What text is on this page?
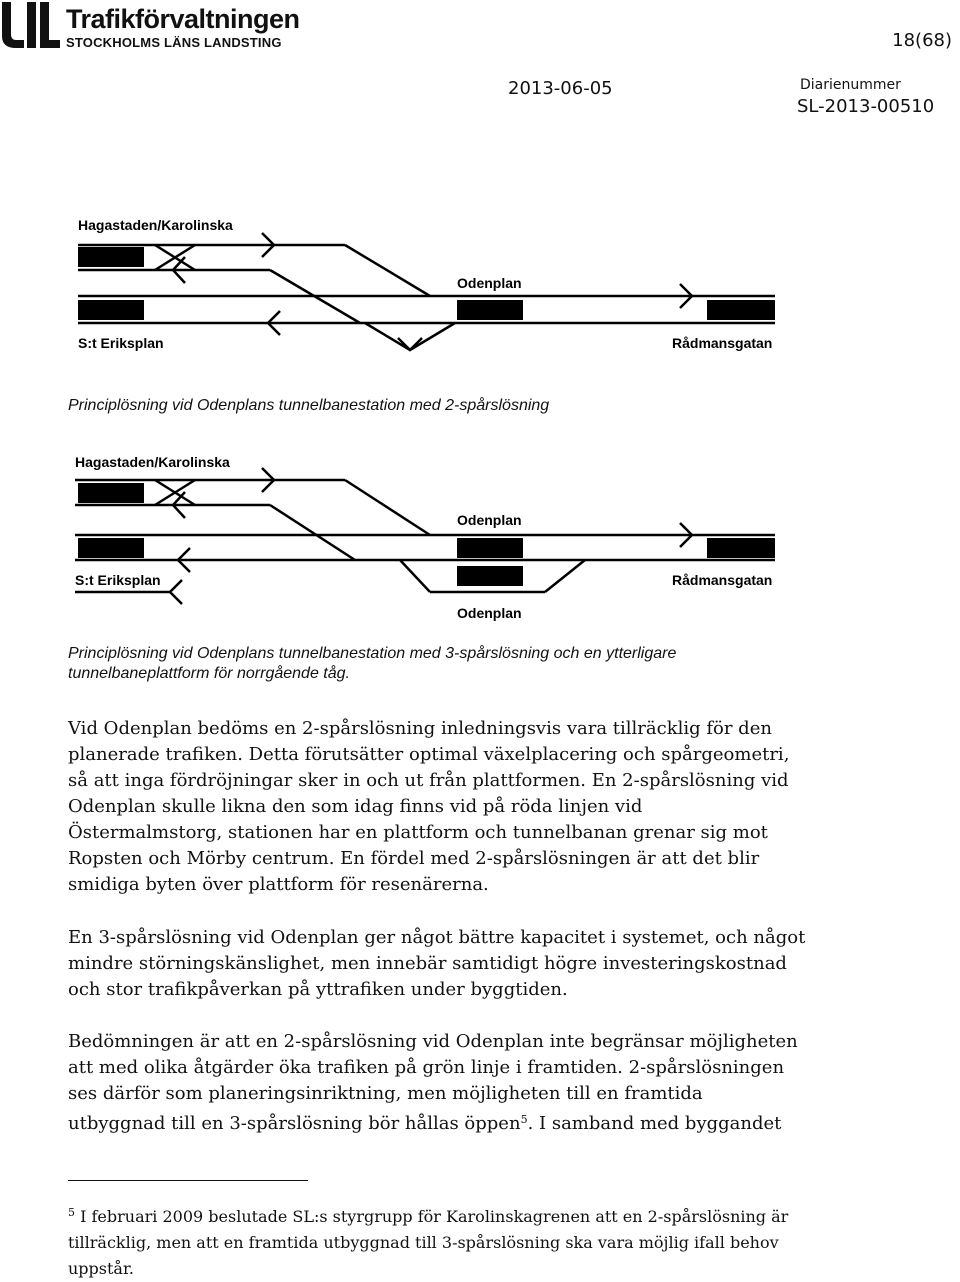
Trafikförvaltningen
STOCKHOLMS LÄNS LANDSTING	18(68)
2013-06-05	Diarienummer
SL-2013-00510
Hagastaden/Karolinska
S:t Eriksplan
Odenplan
Rådmansgatan
Principlösning vid Odenplans tunnelbanestation med 2-spårslösning
Hagastaden/Karolinska
S:t Eriksplan
Odenplan
Rådmansgatan
Odenplan
Principlösning vid Odenplans tunnelbanestation med 3-spårslösning och en ytterligare
tunnelbaneplattform för norrgående tåg.
Vid Odenplan bedöms en 2-spårslösning inledningsvis vara tillräcklig för den
planerade trafiken. Detta förutsätter optimal växelplacering och spårgeometri,
så att inga fördröjningar sker in och ut från plattformen. En 2-spårslösning vid
Odenplan skulle likna den som idag finns vid på röda linjen vid
Östermalmstorg, stationen har en plattform och tunnelbanan grenar sig mot
Ropsten och Mörby centrum. En fördel med 2-spårslösningen är att det blir
smidiga byten över plattform för resenärerna.
En 3-spårslösning vid Odenplan ger något bättre kapacitet i systemet, och något
mindre störningskänslighet, men innebär samtidigt högre investeringskostnad
och stor trafikpåverkan på yttrafiken under byggtiden.
Bedömningen är att en 2-spårslösning vid Odenplan inte begränsar möjligheten
att med olika åtgärder öka trafiken på grön linje i framtiden. 2-spårslösningen
ses därför som planeringsinriktning, men möjligheten till en framtida
utbyggnad till en 3-spårslösning bör hållas öppen$^5$. I samband med byggandet
$^5$ I februari 2009 beslutade SL:s styrgrupp för Karolinskagrenen att en 2-spårslösning är
tillräcklig, men att en framtida utbyggnad till 3-spårslösning ska vara möjlig ifall behov
uppstår.
